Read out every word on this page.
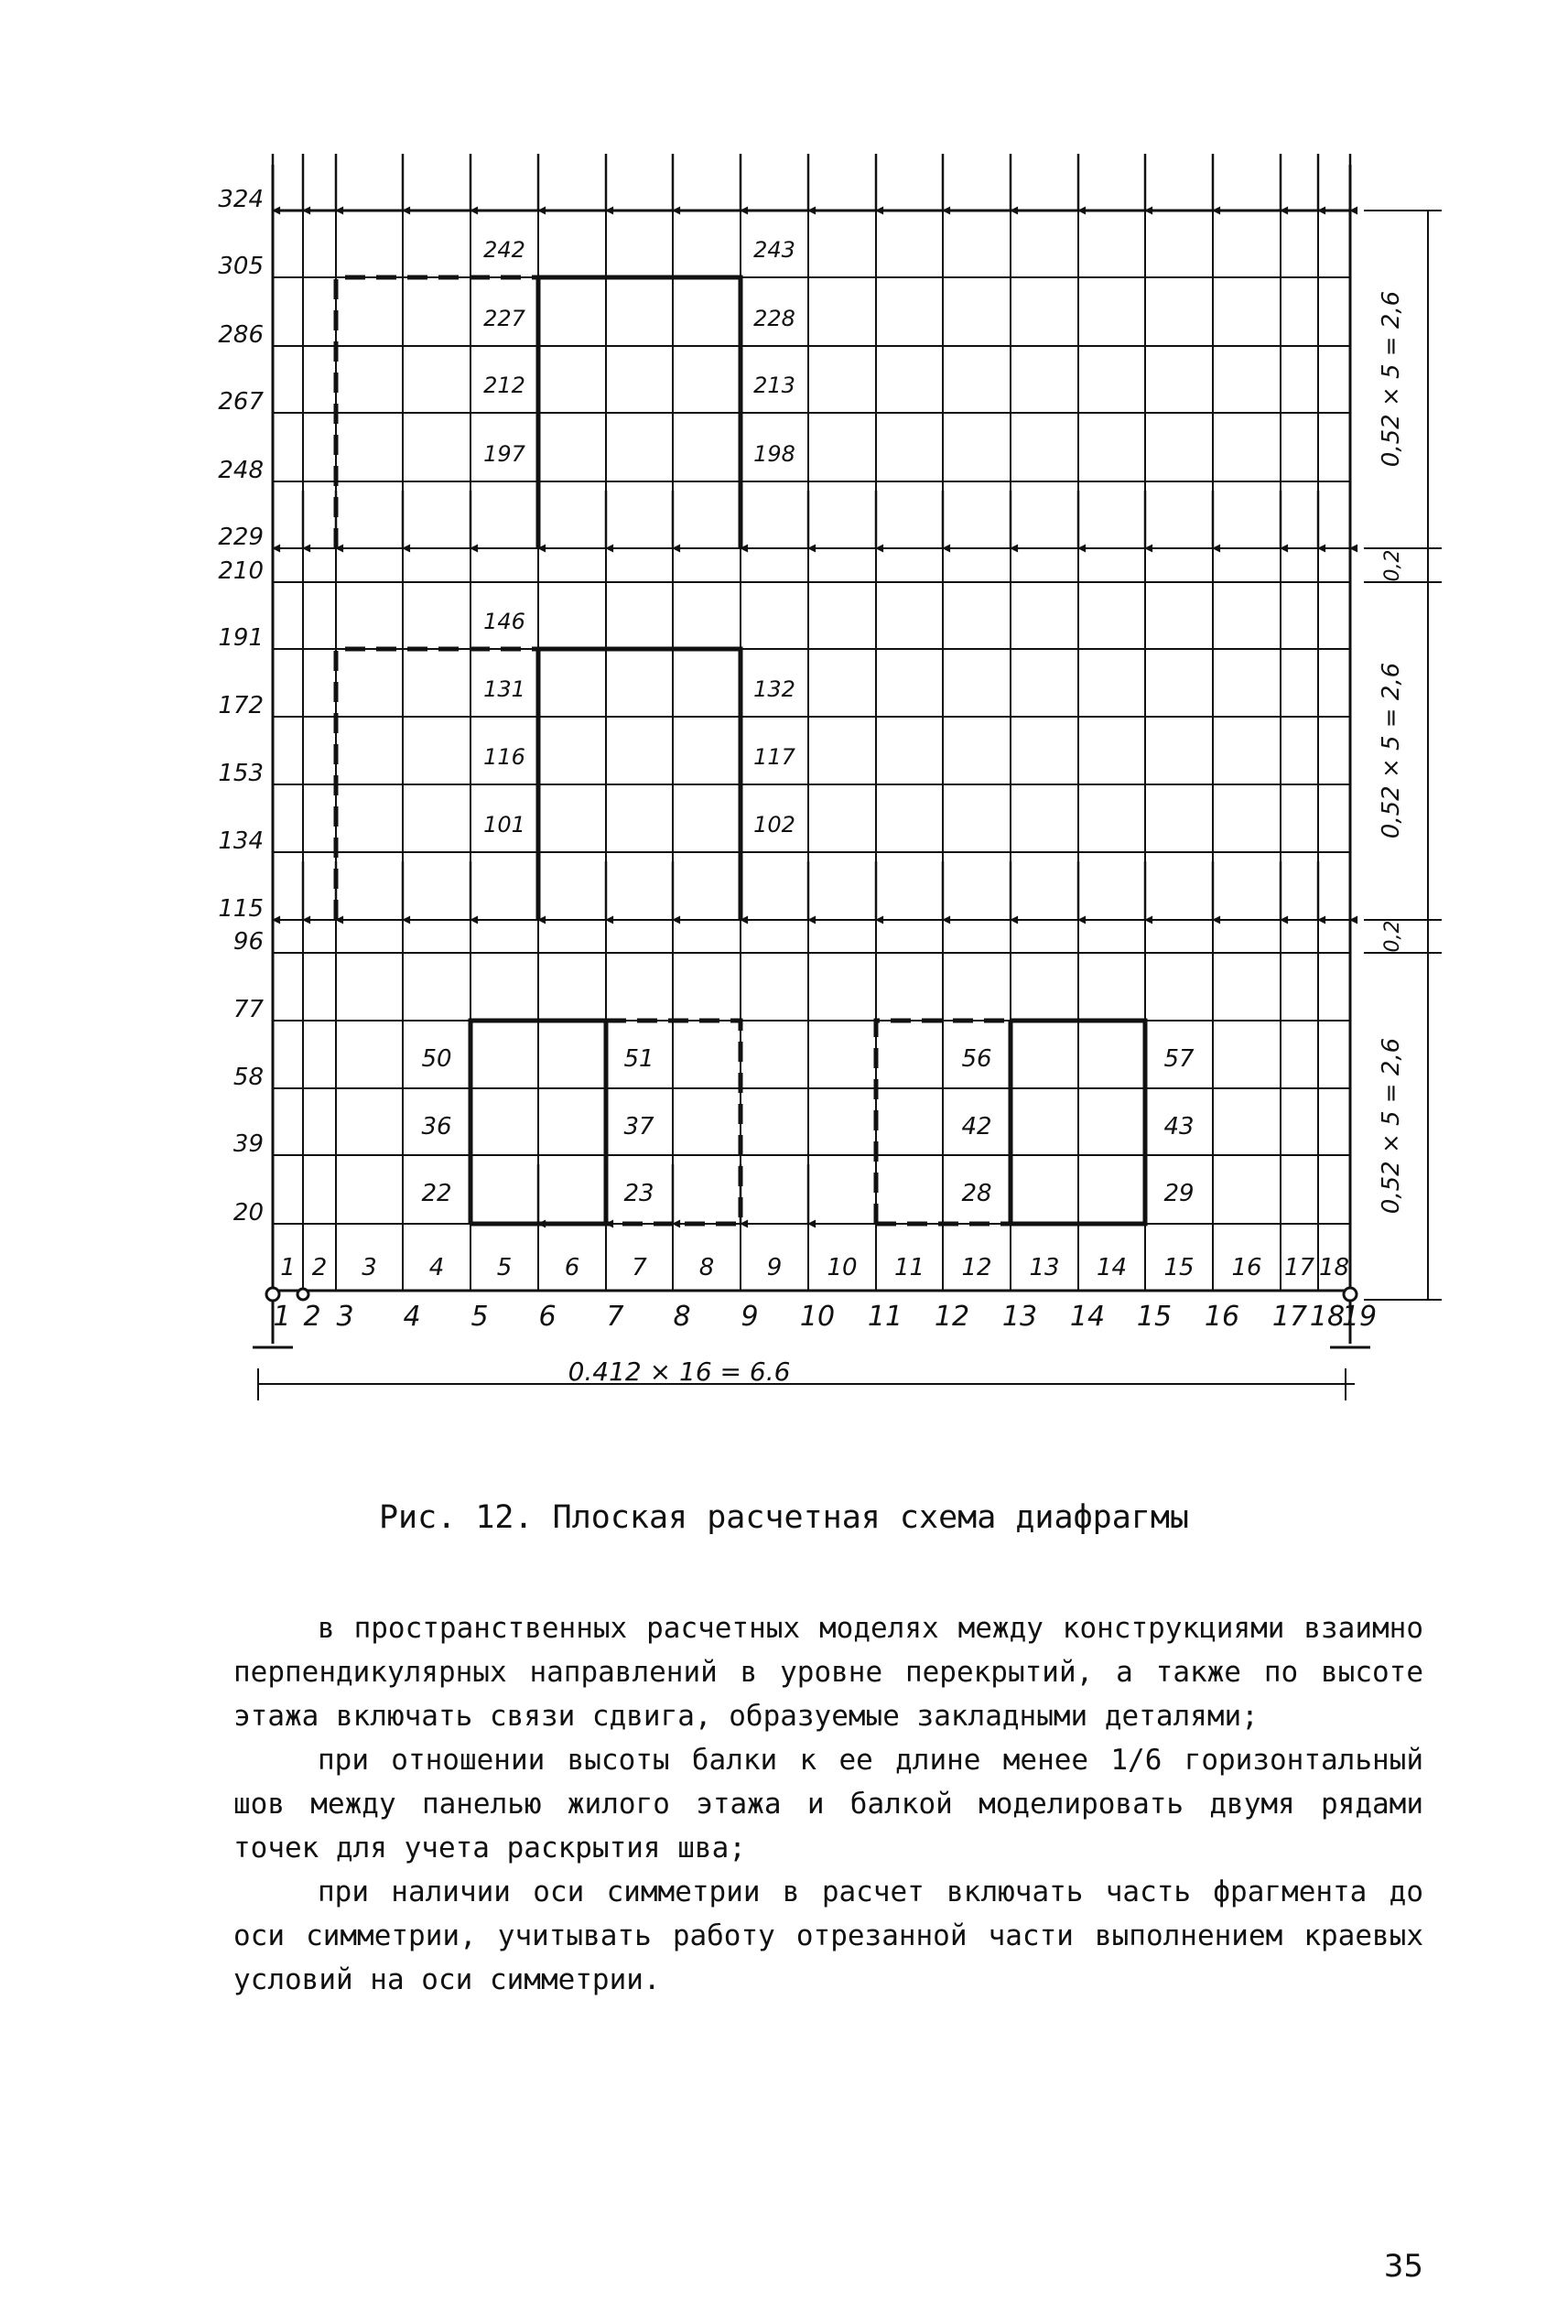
324
305
286
267
248
229
210
191
172
153
134
115
96
77
58
39
20
1 2 3 4 5 6 7 8 9 10 11 12 13 14 15 16 17 18
1 2 3 4 5 6 7 8 9 10 11 12 13 14 15 16 17 18
19
242
227
212
197
243
228
213
198
146
131
116
101
132
117
102
50
36
22
51
37
23
56
42
28
57
43
29
0.412 × 16 = 6.6
0,52 × 5 = 2,6
0,2
0,52 × 5 = 2,6
0,2
0,52 × 5 = 2,6
Рис. 12. Плоская расчетная схема диафрагмы

в пространственных расчетных моделях между конструкциями взаимно перпендикулярных направлений в уровне перекрытий, а также по высоте этажа включать связи сдвига, образуемые закладными деталями;

при отношении высоты балки к ее длине менее 1/6 горизонтальный шов между панелью жилого этажа и балкой моделировать двумя рядами точек для учета раскрытия шва;

при наличии оси симметрии в расчет включать часть фрагмента до оси симметрии, учитывать работу отрезанной части выполнением краевых условий на оси симметрии.

35
